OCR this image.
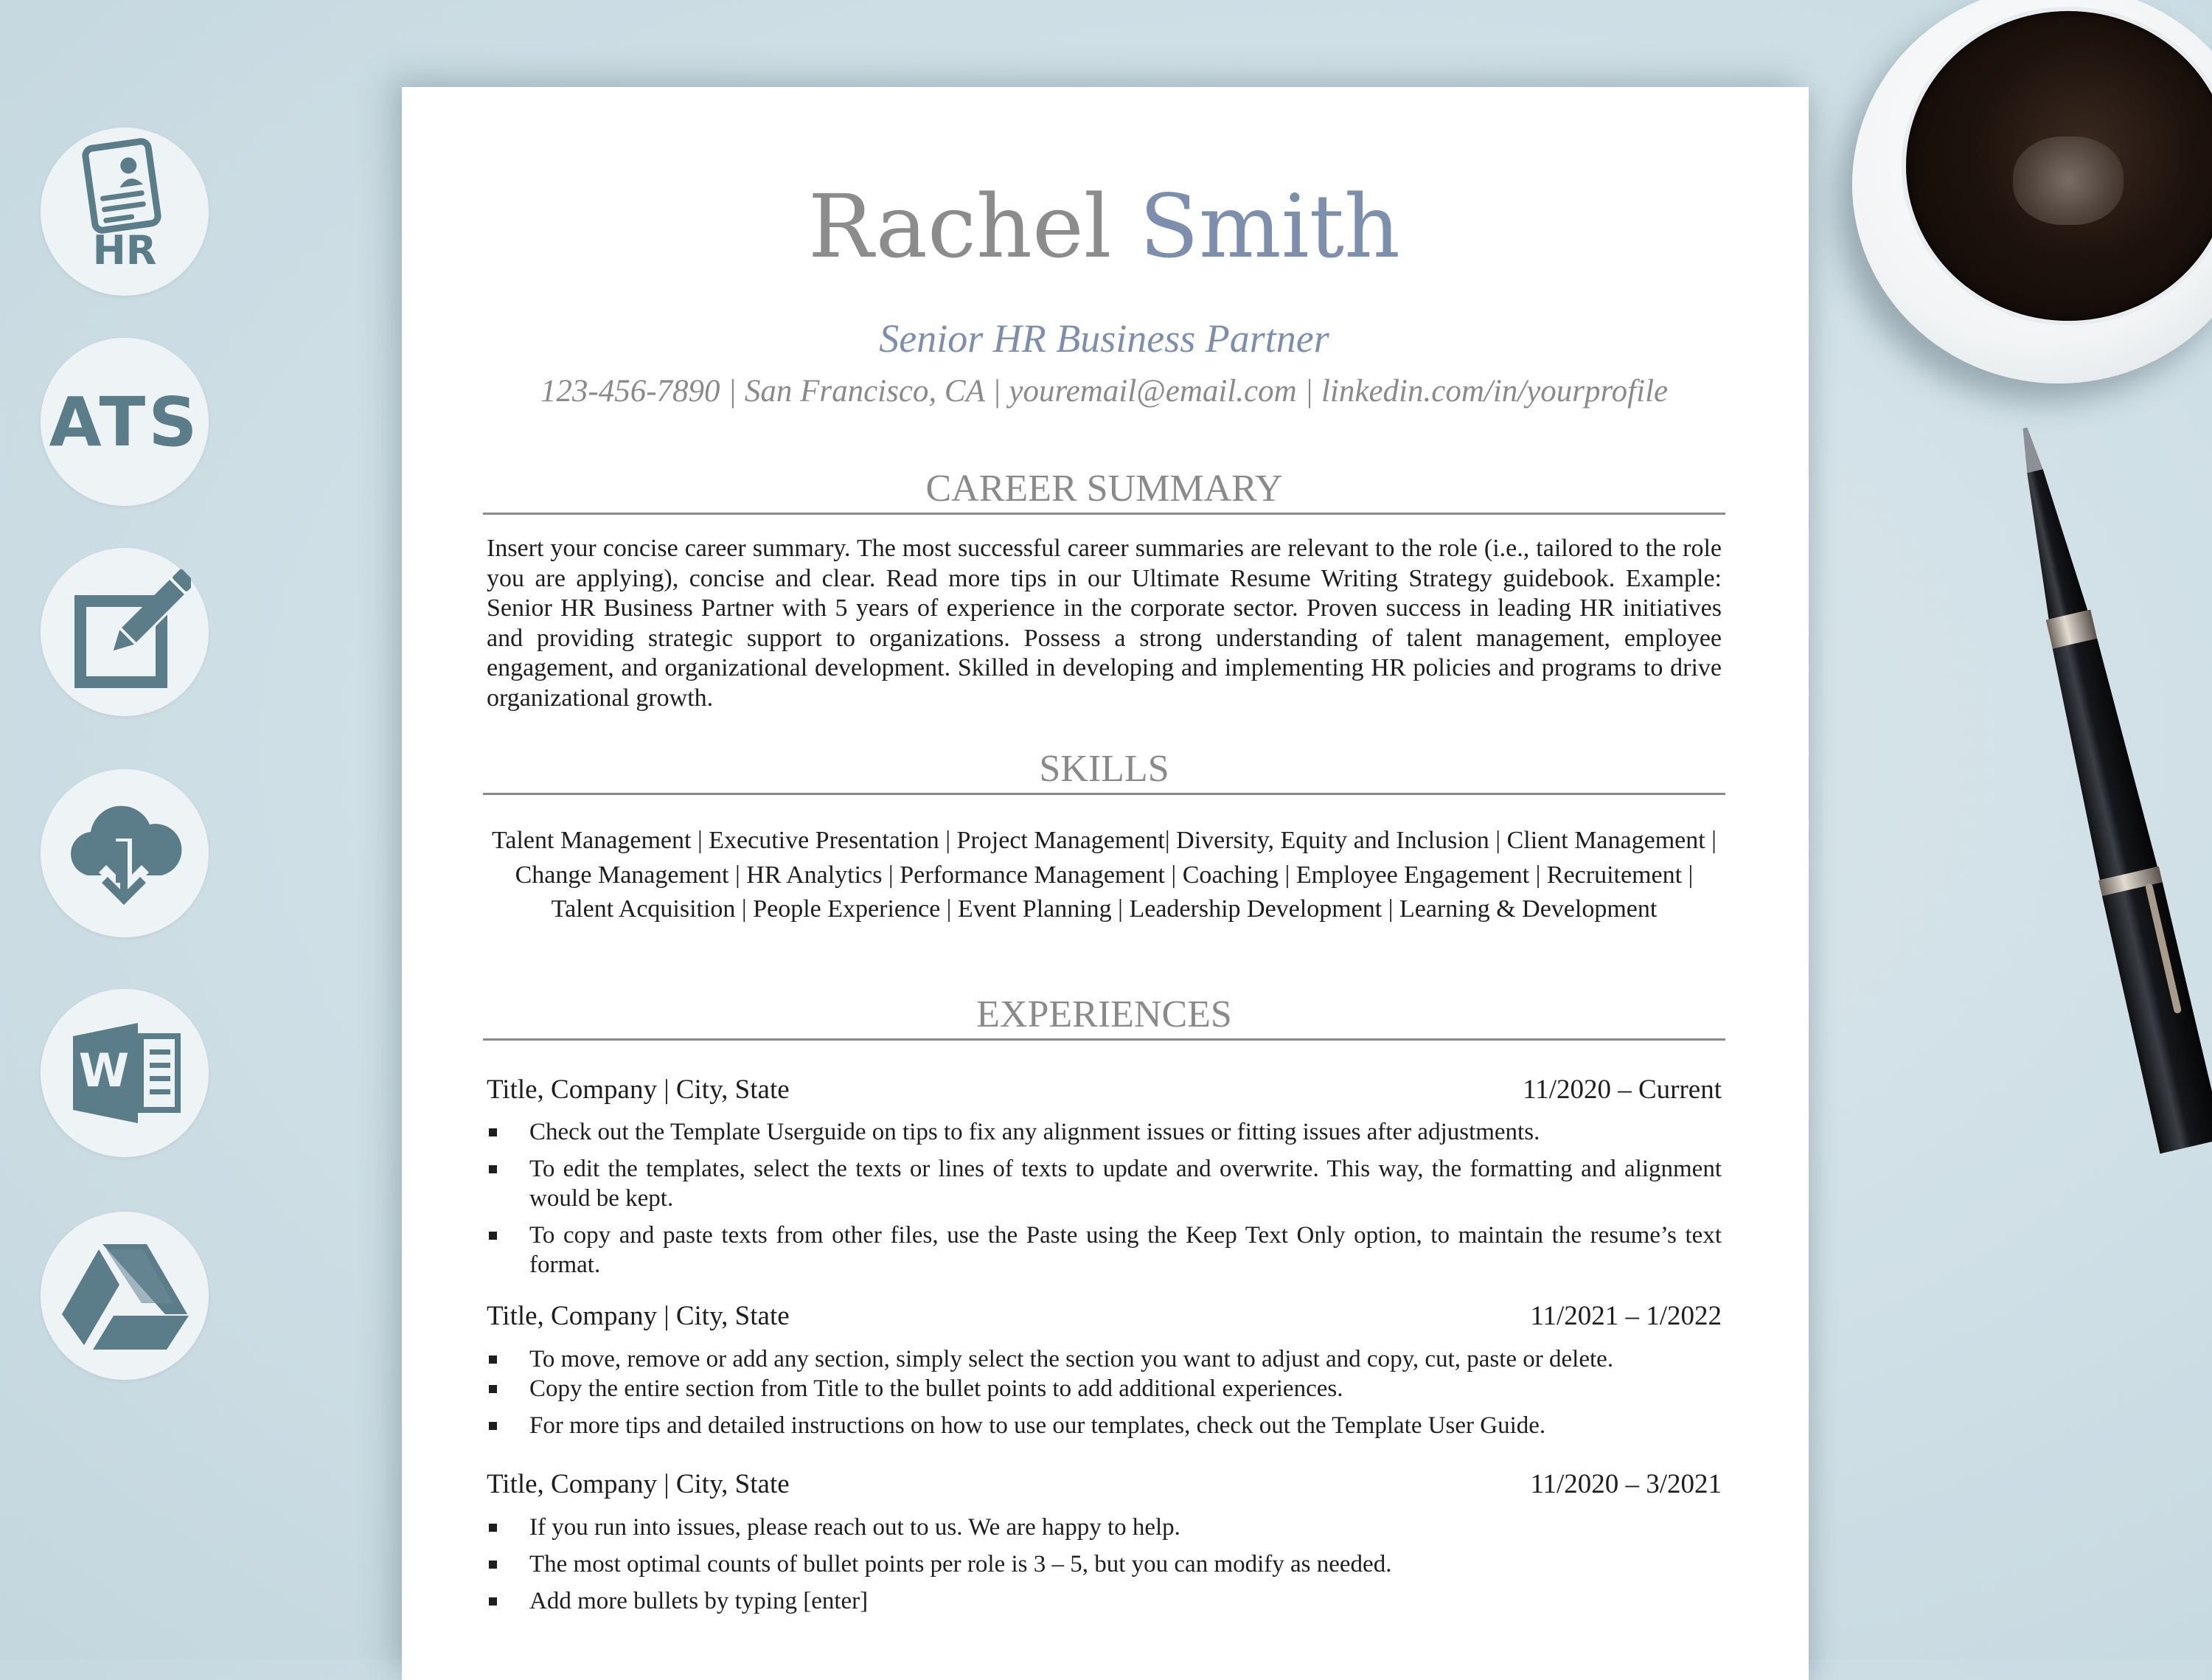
HR
ATS
W
Rachel Smith
Senior HR Business Partner
123-456-7890 | San Francisco, CA | youremail@email.com | linkedin.com/in/yourprofile
CAREER SUMMARY
Insert your concise career summary. The most successful career summaries are relevant to the role (i.e., tailored to the role you are applying), concise and clear. Read more tips in our Ultimate Resume Writing Strategy guidebook. Example: Senior HR Business Partner with 5 years of experience in the corporate sector. Proven success in leading HR initiatives and providing strategic support to organizations. Possess a strong understanding of talent management, employee engagement, and organizational development. Skilled in developing and implementing HR policies and programs to drive organizational growth.
SKILLS
Talent Management | Executive Presentation | Project Management| Diversity, Equity and Inclusion | Client Management | Change Management | HR Analytics | Performance Management | Coaching | Employee Engagement | Recruitement | Talent Acquisition | People Experience | Event Planning | Leadership Development | Learning & Development
EXPERIENCES
Title, Company | City, State	11/2020 – Current
Check out the Template Userguide on tips to fix any alignment issues or fitting issues after adjustments.
To edit the templates, select the texts or lines of texts to update and overwrite. This way, the formatting and alignment would be kept.
To copy and paste texts from other files, use the Paste using the Keep Text Only option, to maintain the resume’s text format.
Title, Company | City, State	11/2021 – 1/2022
To move, remove or add any section, simply select the section you want to adjust and copy, cut, paste or delete.
Copy the entire section from Title to the bullet points to add additional experiences.
For more tips and detailed instructions on how to use our templates, check out the Template User Guide.
Title, Company | City, State	11/2020 – 3/2021
If you run into issues, please reach out to us. We are happy to help.
The most optimal counts of bullet points per role is 3 – 5, but you can modify as needed.
Add more bullets by typing [enter]
